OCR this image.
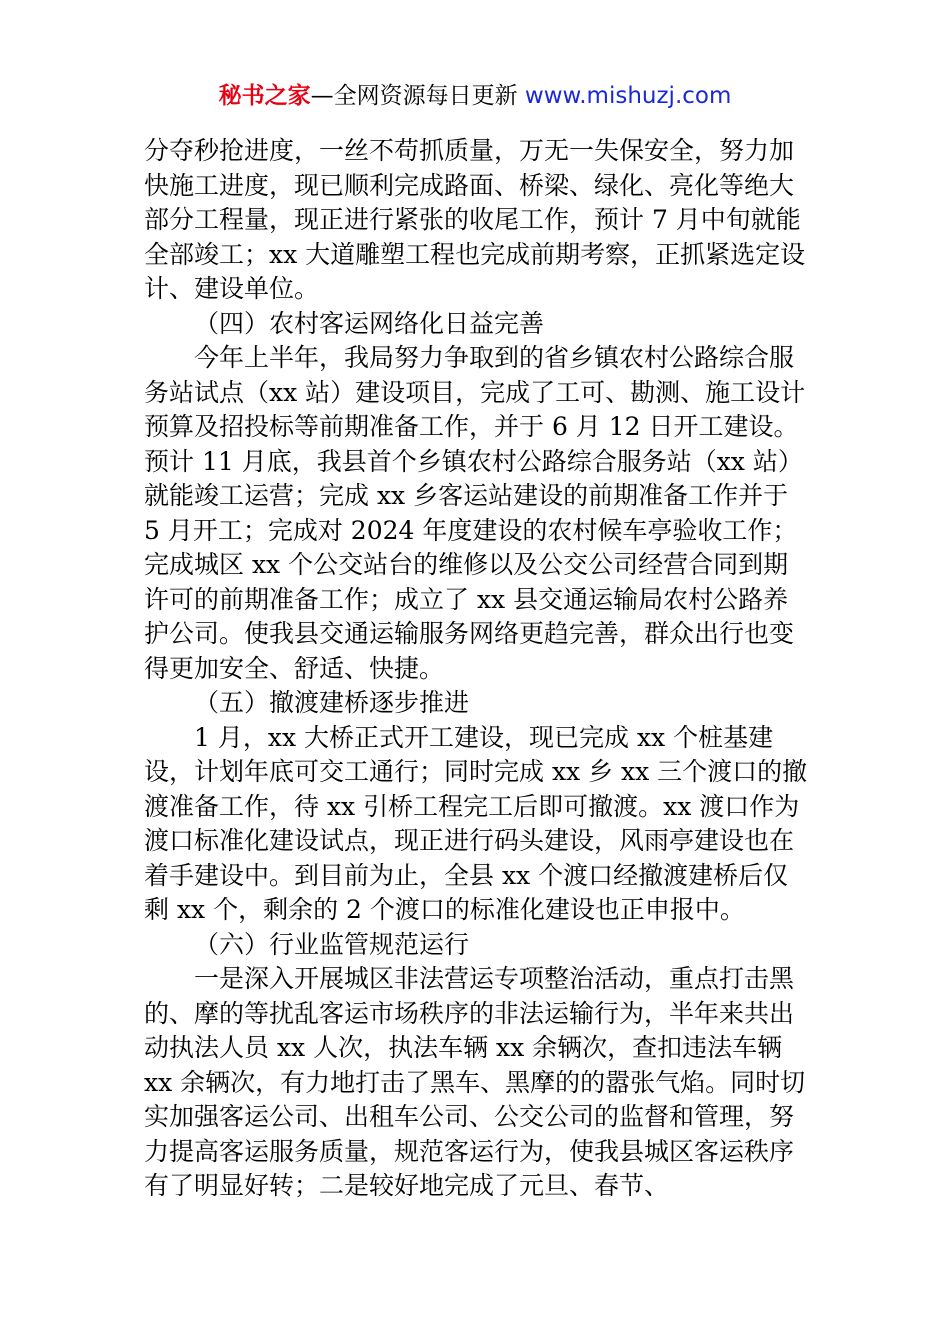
秘书之家—全网资源每日更新 www.mishuzj.com

分夺秒抢进度，一丝不苟抓质量，万无一失保安全，努力加快施工进度，现已顺利完成路面、桥梁、绿化、亮化等绝大部分工程量，现正进行紧张的收尾工作，预计 7 月中旬就能全部竣工；xx 大道雕塑工程也完成前期考察，正抓紧选定设计、建设单位。

（四）农村客运网络化日益完善

今年上半年，我局努力争取到的省乡镇农村公路综合服务站试点（xx 站）建设项目，完成了工可、勘测、施工设计预算及招投标等前期准备工作，并于 6 月 12 日开工建设。预计 11 月底，我县首个乡镇农村公路综合服务站（xx 站）就能竣工运营；完成 xx 乡客运站建设的前期准备工作并于 5 月开工；完成对 2024 年度建设的农村候车亭验收工作；完成城区 xx 个公交站台的维修以及公交公司经营合同到期许可的前期准备工作；成立了 xx 县交通运输局农村公路养护公司。使我县交通运输服务网络更趋完善，群众出行也变得更加安全、舒适、快捷。

（五）撤渡建桥逐步推进

1 月，xx 大桥正式开工建设，现已完成 xx 个桩基建设，计划年底可交工通行；同时完成 xx 乡 xx 三个渡口的撤渡准备工作，待 xx 引桥工程完工后即可撤渡。xx 渡口作为渡口标准化建设试点，现正进行码头建设，风雨亭建设也在着手建设中。到目前为止，全县 xx 个渡口经撤渡建桥后仅剩 xx 个，剩余的 2 个渡口的标准化建设也正申报中。

（六）行业监管规范运行

一是深入开展城区非法营运专项整治活动，重点打击黑的、摩的等扰乱客运市场秩序的非法运输行为，半年来共出动执法人员 xx 人次，执法车辆 xx 余辆次，查扣违法车辆 xx 余辆次，有力地打击了黑车、黑摩的的嚣张气焰。同时切实加强客运公司、出租车公司、公交公司的监督和管理，努力提高客运服务质量，规范客运行为，使我县城区客运秩序有了明显好转；二是较好地完成了元旦、春节、
